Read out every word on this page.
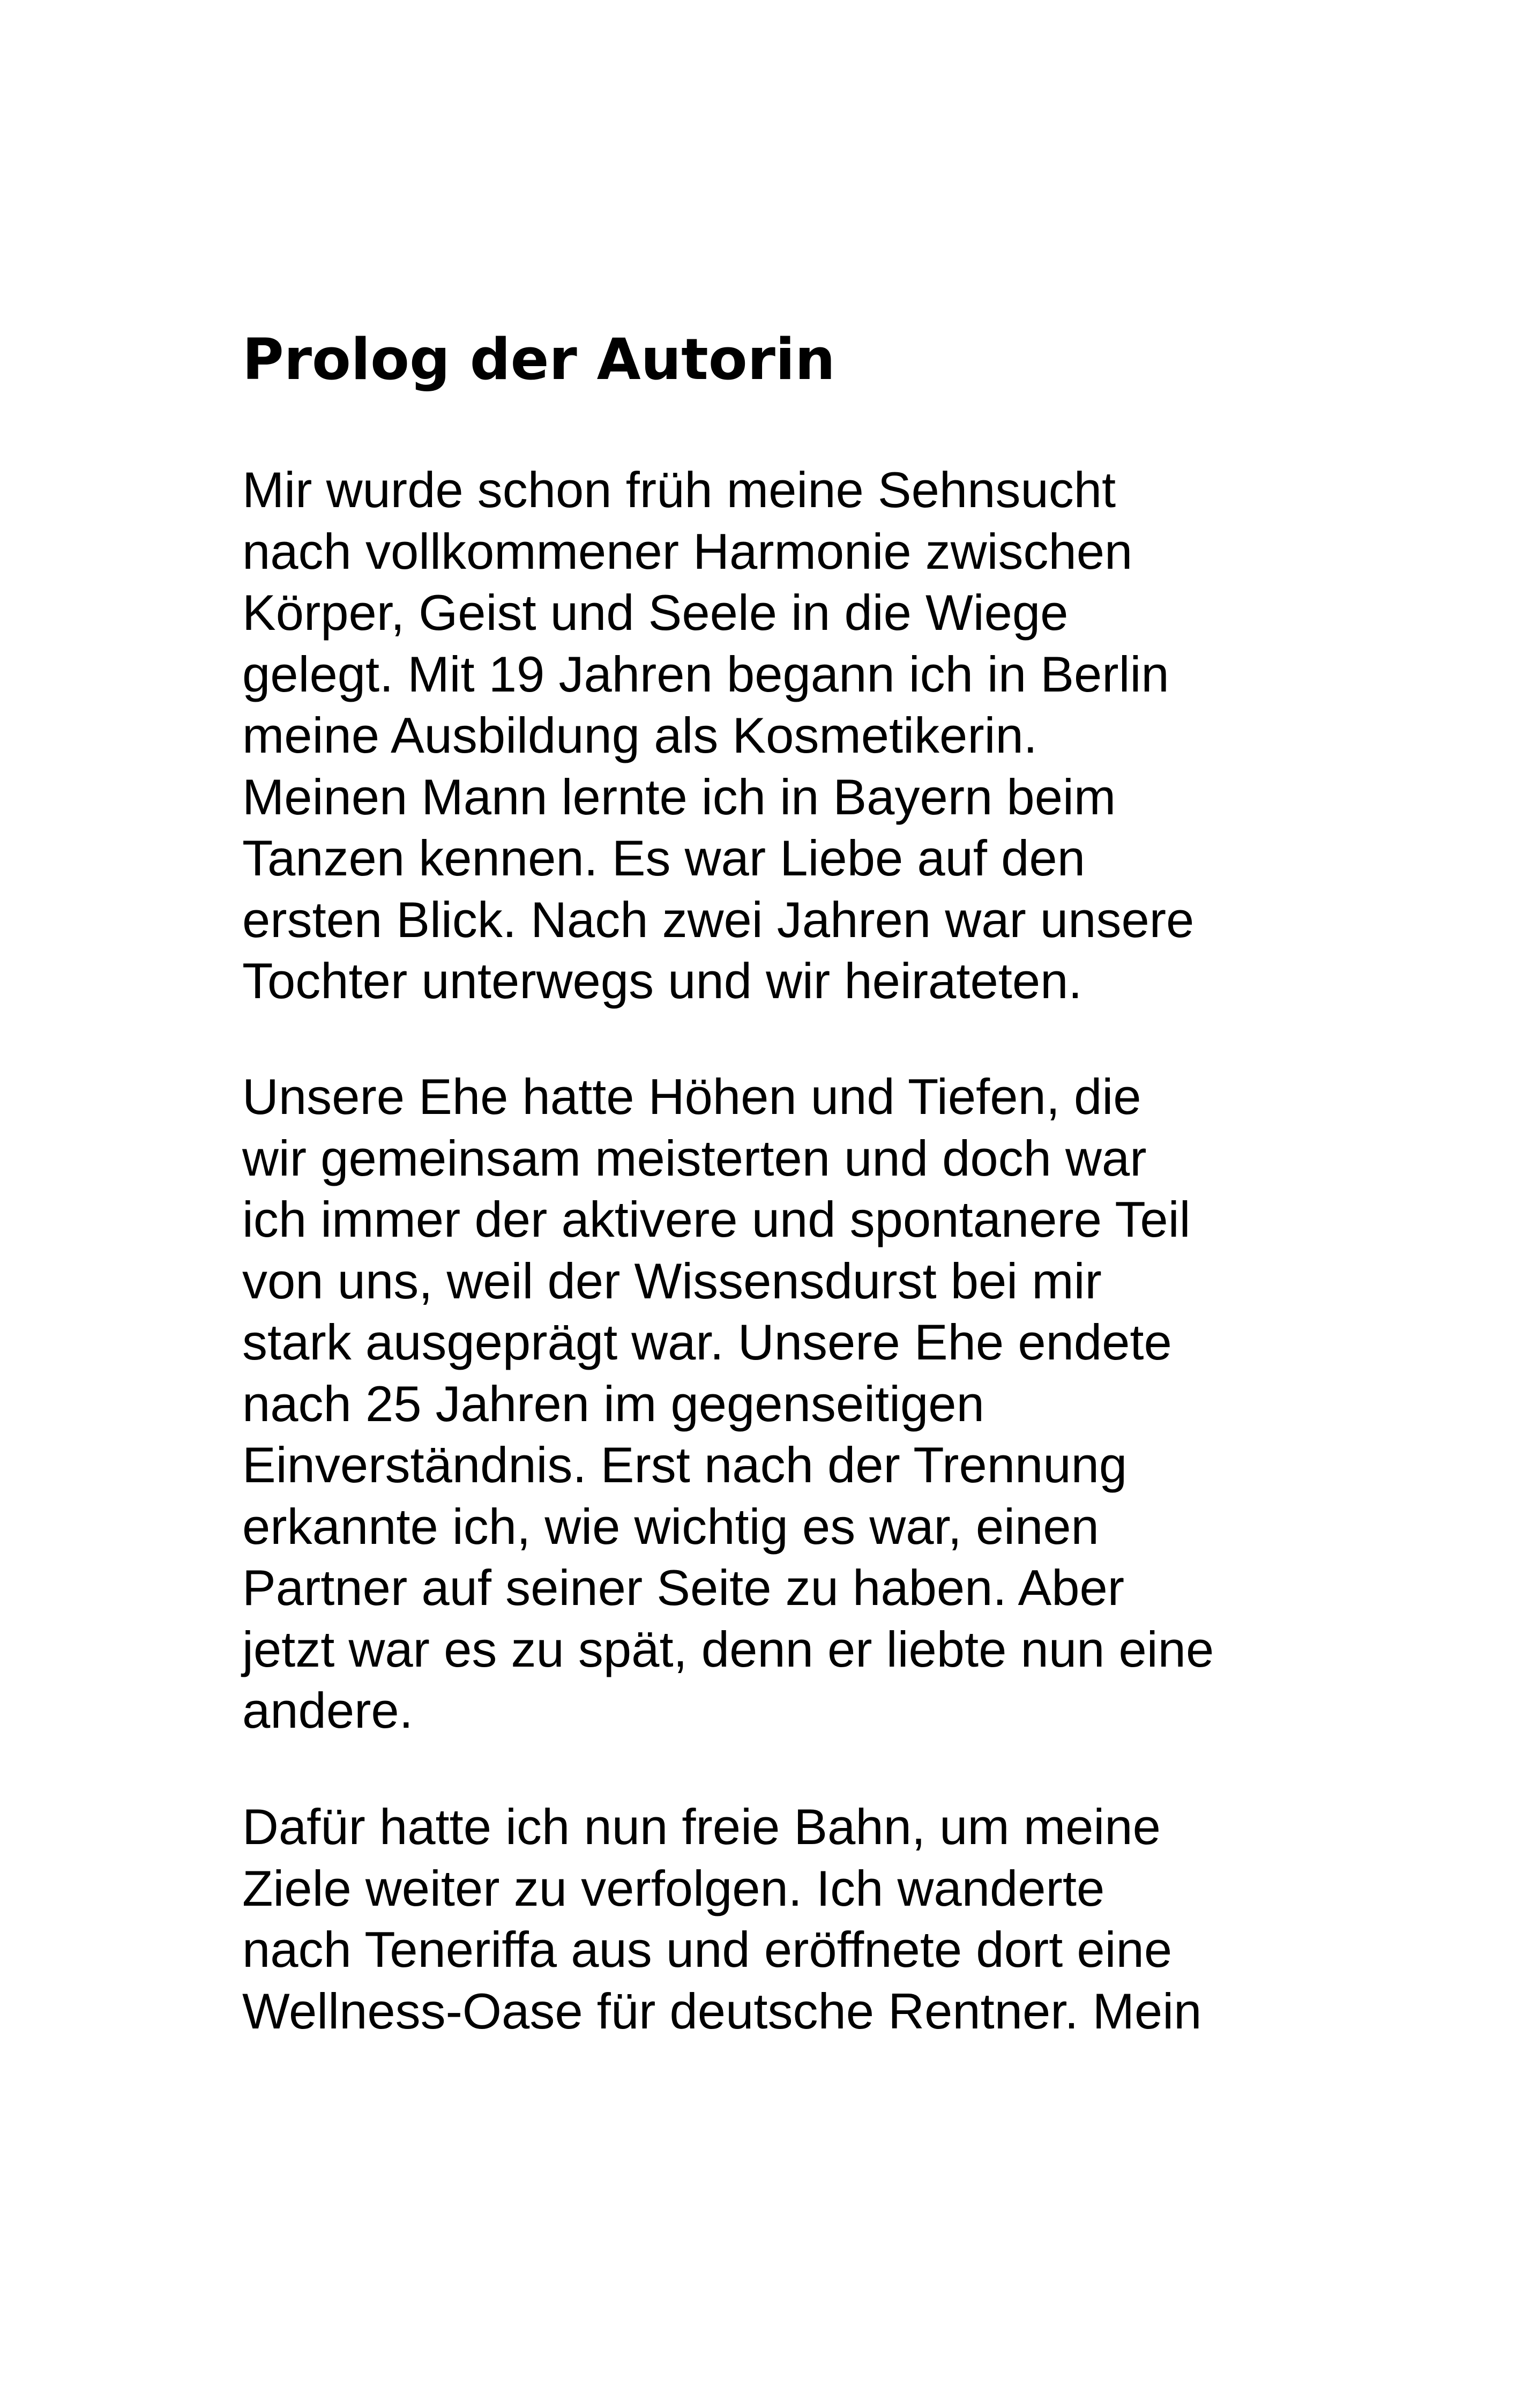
Prolog der Autorin

Mir wurde schon früh meine Sehnsucht
nach vollkommener Harmonie zwischen
Körper, Geist und Seele in die Wiege
gelegt. Mit 19 Jahren begann ich in Berlin
meine Ausbildung als Kosmetikerin.
Meinen Mann lernte ich in Bayern beim
Tanzen kennen. Es war Liebe auf den
ersten Blick. Nach zwei Jahren war unsere
Tochter unterwegs und wir heirateten.

Unsere Ehe hatte Höhen und Tiefen, die
wir gemeinsam meisterten und doch war
ich immer der aktivere und spontanere Teil
von uns, weil der Wissensdurst bei mir
stark ausgeprägt war. Unsere Ehe endete
nach 25 Jahren im gegenseitigen
Einverständnis. Erst nach der Trennung
erkannte ich, wie wichtig es war, einen
Partner auf seiner Seite zu haben. Aber
jetzt war es zu spät, denn er liebte nun eine
andere.

Dafür hatte ich nun freie Bahn, um meine
Ziele weiter zu verfolgen. Ich wanderte
nach Teneriffa aus und eröffnete dort eine
Wellness-Oase für deutsche Rentner. Mein
